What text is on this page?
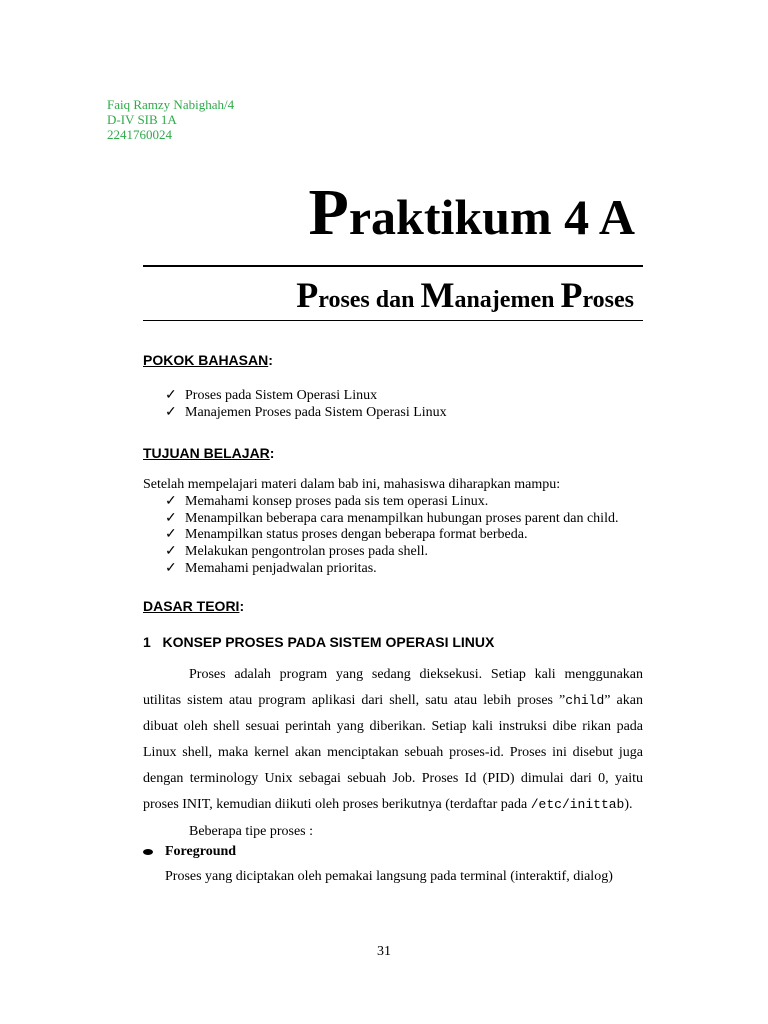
Faiq Ramzy Nabighah/4
D-IV SIB 1A
2241760024
Praktikum 4 A
Proses dan Manajemen Proses
POKOK BAHASAN:
✓ Proses pada Sistem Operasi Linux
✓ Manajemen Proses pada Sistem Operasi Linux
TUJUAN BELAJAR:
Setelah mempelajari materi dalam bab ini, mahasiswa diharapkan mampu:
✓ Memahami konsep proses pada sis tem operasi Linux.
✓ Menampilkan beberapa cara menampilkan hubungan proses parent dan child.
✓ Menampilkan status proses dengan beberapa format berbeda.
✓ Melakukan pengontrolan proses pada shell.
✓ Memahami penjadwalan prioritas.
DASAR TEORI:
1   KONSEP PROSES PADA SISTEM OPERASI LINUX
Proses adalah program yang sedang dieksekusi. Setiap kali menggunakan
utilitas sistem atau program aplikasi dari shell, satu atau lebih proses ”child” akan
dibuat oleh shell sesuai perintah yang diberikan. Setiap kali instruksi dibe rikan pada
Linux shell, maka kernel akan menciptakan sebuah proses-id. Proses ini disebut juga
dengan terminology Unix sebagai sebuah Job. Proses Id (PID) dimulai dari 0, yaitu
proses INIT, kemudian diikuti oleh proses berikutnya (terdaftar pada /etc/inittab).
Beberapa tipe proses :
Foreground
Proses yang diciptakan oleh pemakai langsung pada terminal (interaktif, dialog)
31
